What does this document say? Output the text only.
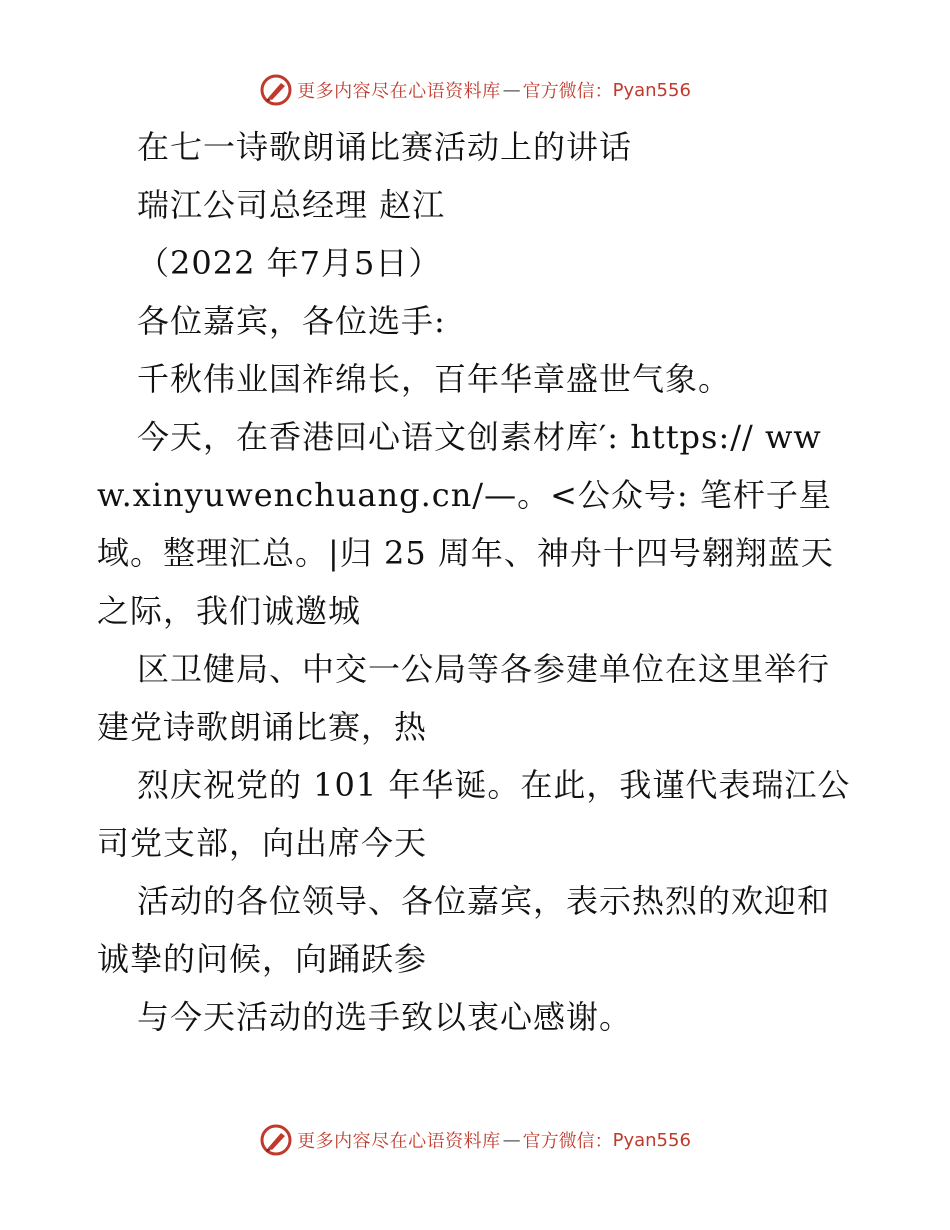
更多内容尽在心语资料库 — 官方微信： Pyan556

在七一诗歌朗诵比赛活动上的讲话

瑞江公司总经理 赵江

（2022 年7月5日）

各位嘉宾，各位选手:

千秋伟业国祚绵长，百年华章盛世气象。

今天，在香港回心语文创素材库′: https:// www.xinyuwenchuang.cn/—。<公众号: 笔杆子星域。整理汇总。|归 25 周年、神舟十四号翱翔蓝天之际，我们诚邀城

区卫健局、中交一公局等各参建单位在这里举行建党诗歌朗诵比赛，热

烈庆祝党的 101 年华诞。在此，我谨代表瑞江公司党支部，向出席今天

活动的各位领导、各位嘉宾，表示热烈的欢迎和诚挚的问候，向踊跃参

与今天活动的选手致以衷心感谢。

更多内容尽在心语资料库 — 官方微信： Pyan556
